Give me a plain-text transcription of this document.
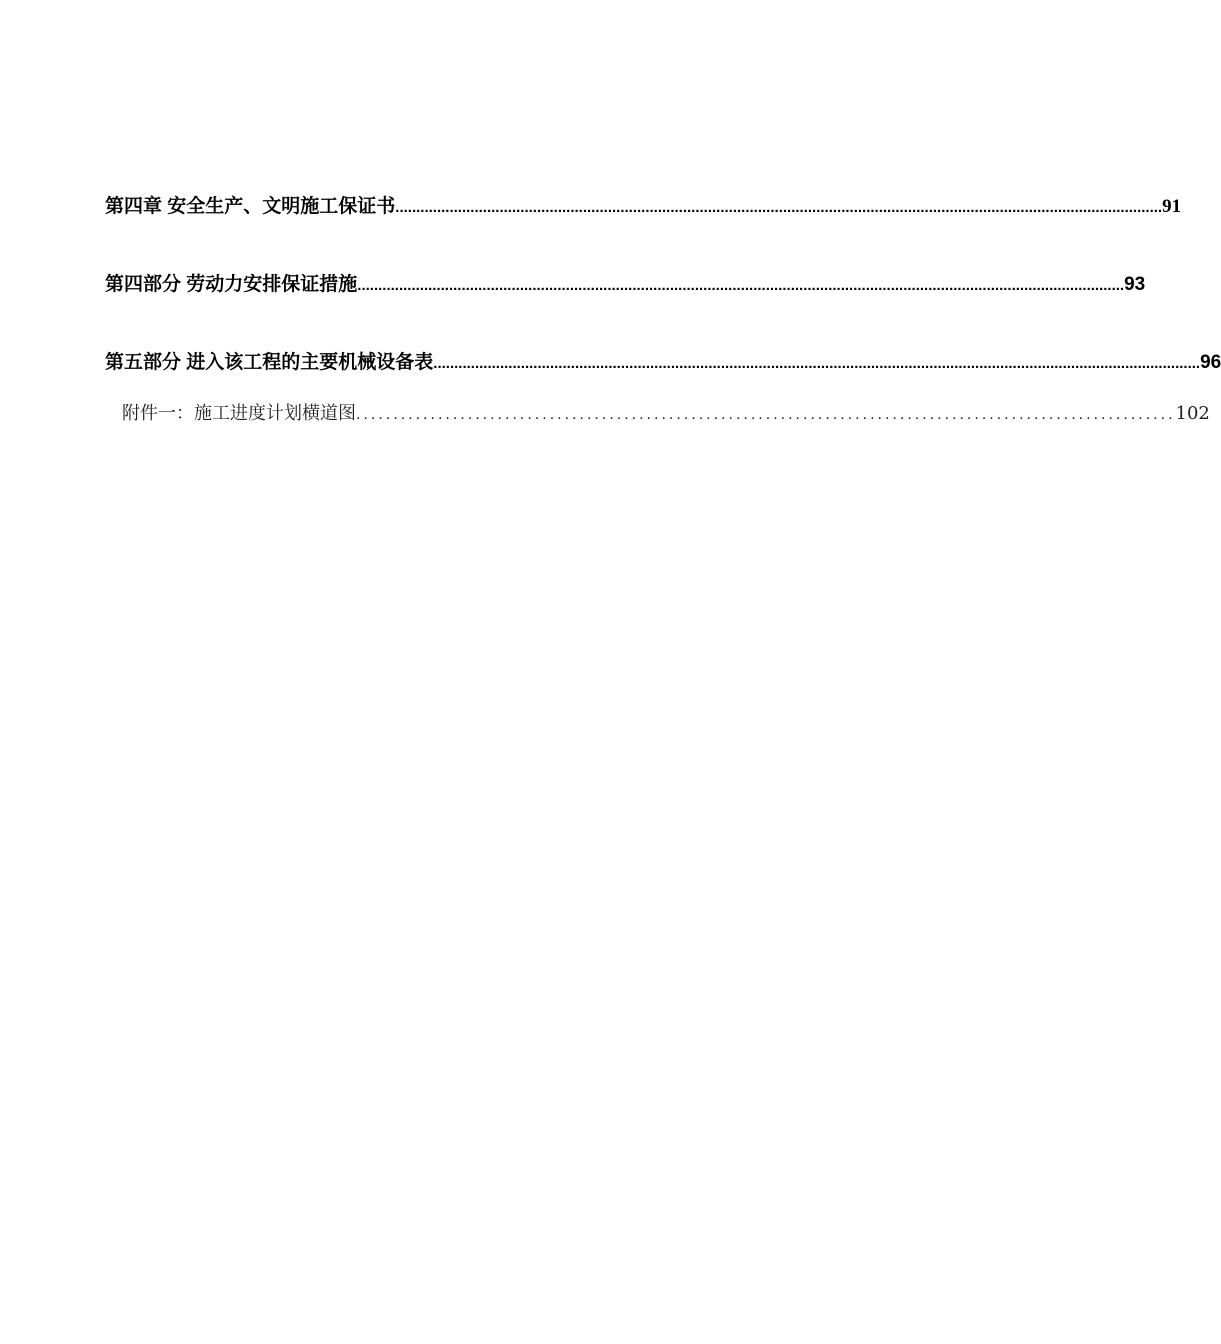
第四章 安全生产、文明施工保证书 ........................................................................................................................................................................................ 91
第四部分 劳动力安排保证措施 ........................................................................................................................................................................................ 93
第五部分 进入该工程的主要机械设备表 ........................................................................................................................................................................................ 96
附件一：施工进度计划横道图 .............................................................................................................. 102
